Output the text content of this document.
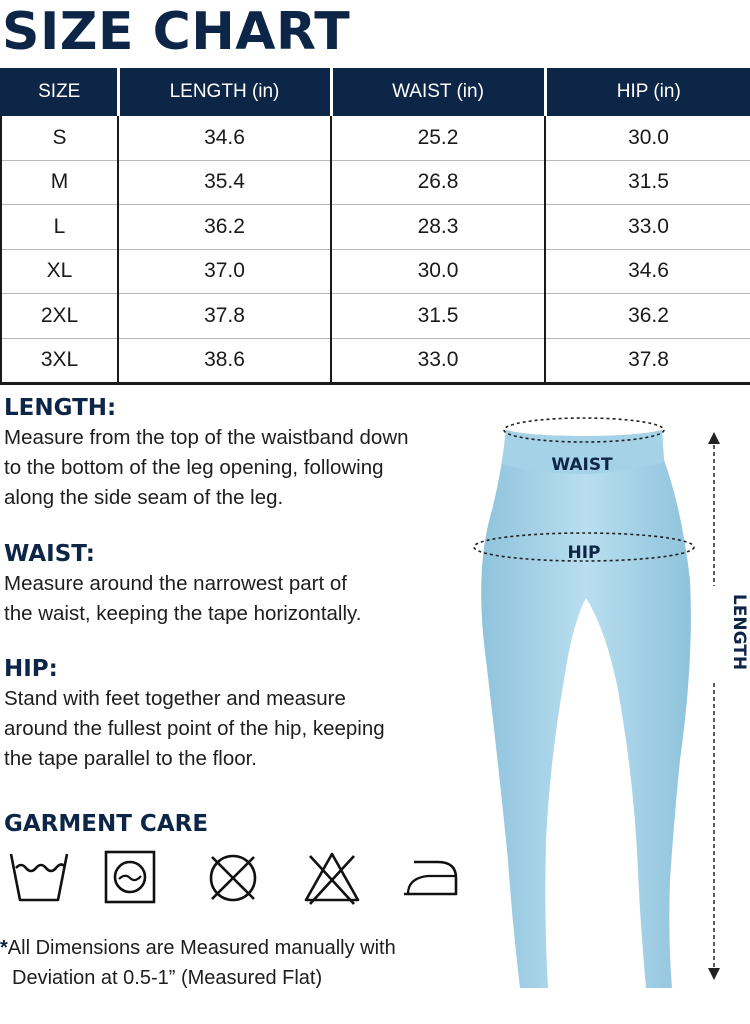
SIZE CHART
SIZE	LENGTH (in)	WAIST (in)	HIP (in)
S	34.6	25.2	30.0
M	35.4	26.8	31.5
L	36.2	28.3	33.0
XL	37.0	30.0	34.6
2XL	37.8	31.5	36.2
3XL	38.6	33.0	37.8

LENGTH:

Measure from the top of the waistband down

to the bottom of the leg opening, following

along the side seam of the leg.

WAIST:

Measure around the narrowest part of

the waist, keeping the tape horizontally.

HIP:

Stand with feet together and measure

around the fullest point of the hip, keeping

the tape parallel to the floor.

GARMENT CARE

*All Dimensions are Measured manually with
Deviation at 0.5-1” (Measured Flat)
WAIST
HIP
LENGTH
